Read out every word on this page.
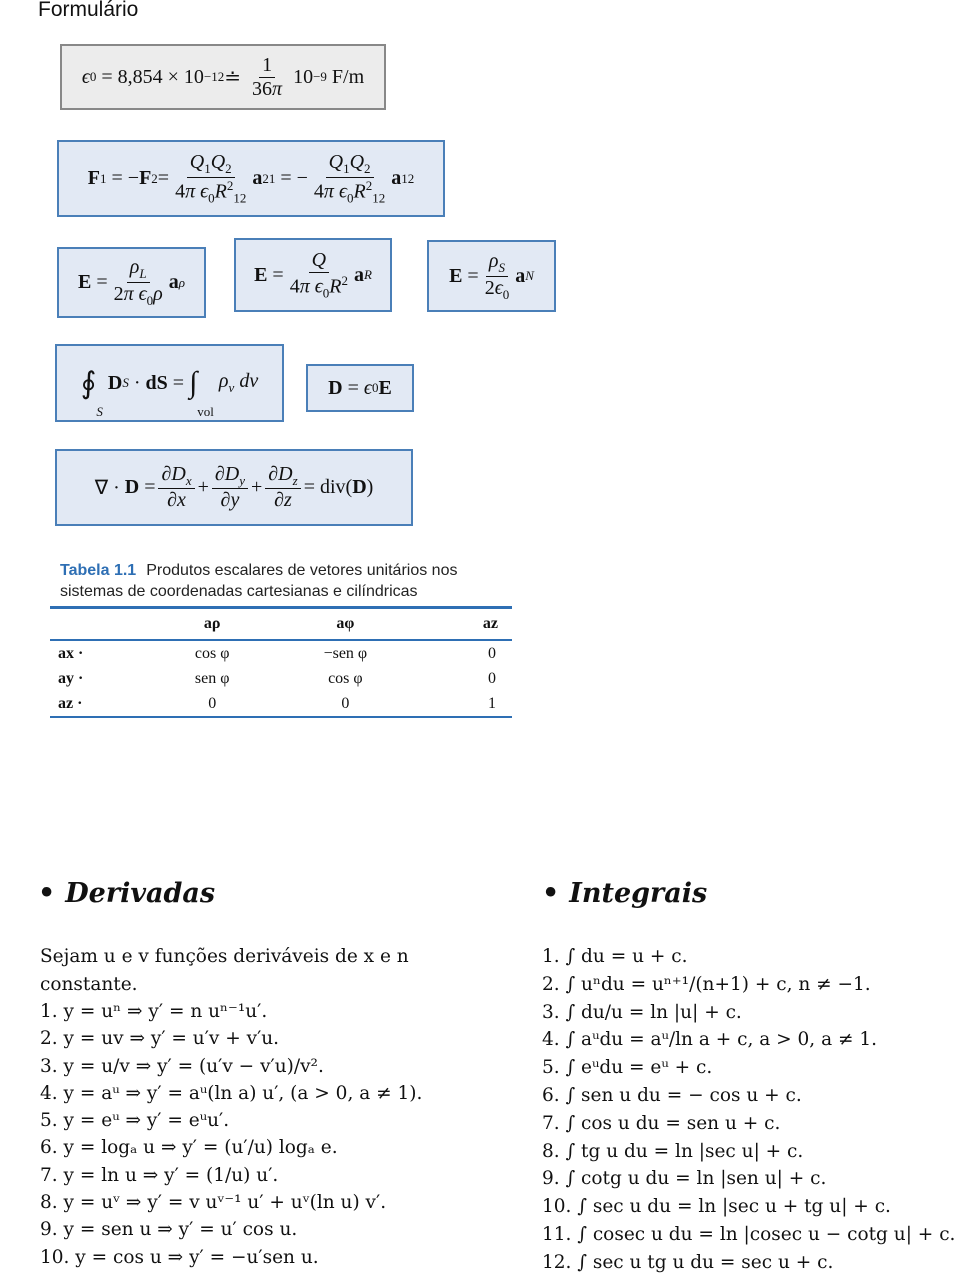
Formulário
ϵ 0 = 8,854 × 10 −12 ≐ $\frac{1}{36\pi} 10 -9$ F/m
F 1 = − F $2 = \frac{Q_1Q_2}{4\pi \epsilon_0R^2_{12}}$ a 21 = − $\frac{Q_1Q_2}{4\pi \epsilon_0R^2_{12}}$ a 12
$E = \frac{\rho_L}{2\pi \epsilon_0\rho}$ a ρ	$E = \frac{Q}{4\pi \epsilon_0R^2}$ a R	$E = \frac{\rho_S}{2\epsilon_0}$ a N
∮
S

D S · dS = ∫
vol

$\rho_v$ dv	D = ϵ 0 E
∇ · $D = \frac{\partial D_x}{\partial x} + \frac{\partial D_y}{\partial y} + \frac{\partial D_z}{\partial z} = div$( D )
Tabela 1.1 Produtos escalares de vetores unitários nos sistemas de coordenadas cartesianas e cilíndricas
	aρ	aφ	az
ax ·	cos φ	−sen φ	0
ay ·	sen φ	cos φ	0
az ·	0	0	1
• Derivadas
Sejam u e v funções deriváveis de x e n constante.
1. y = uⁿ ⇒ y′ = n uⁿ⁻¹u′.
2. y = uv ⇒ y′ = u′v + v′u.
3. y = u/v ⇒ y′ = (u′v − v′u)/v².
4. y = aᵘ ⇒ y′ = aᵘ(ln a) u′, (a > 0, a ≠ 1).
5. y = eᵘ ⇒ y′ = eᵘu′.
6. y = logₐ u ⇒ y′ = (u′/u) logₐ e.
7. y = ln u ⇒ y′ = (1/u) u′.
8. y = uᵛ ⇒ y′ = v uᵛ⁻¹ u′ + uᵛ(ln u) v′.
9. y = sen u ⇒ y′ = u′ cos u.
10. y = cos u ⇒ y′ = −u′sen u.
• Integrais
1. ∫ du = u + c.
2. ∫ uⁿdu = uⁿ⁺¹/(n+1) + c, n ≠ −1.
3. ∫ du/u = ln |u| + c.
4. ∫ aᵘdu = aᵘ/ln a + c, a > 0, a ≠ 1.
5. ∫ eᵘdu = eᵘ + c.
6. ∫ sen u du = − cos u + c.
7. ∫ cos u du = sen u + c.
8. ∫ tg u du = ln |sec u| + c.
9. ∫ cotg u du = ln |sen u| + c.
10. ∫ sec u du = ln |sec u + tg u| + c.
11. ∫ cosec u du = ln |cosec u − cotg u| + c.
12. ∫ sec u tg u du = sec u + c.
